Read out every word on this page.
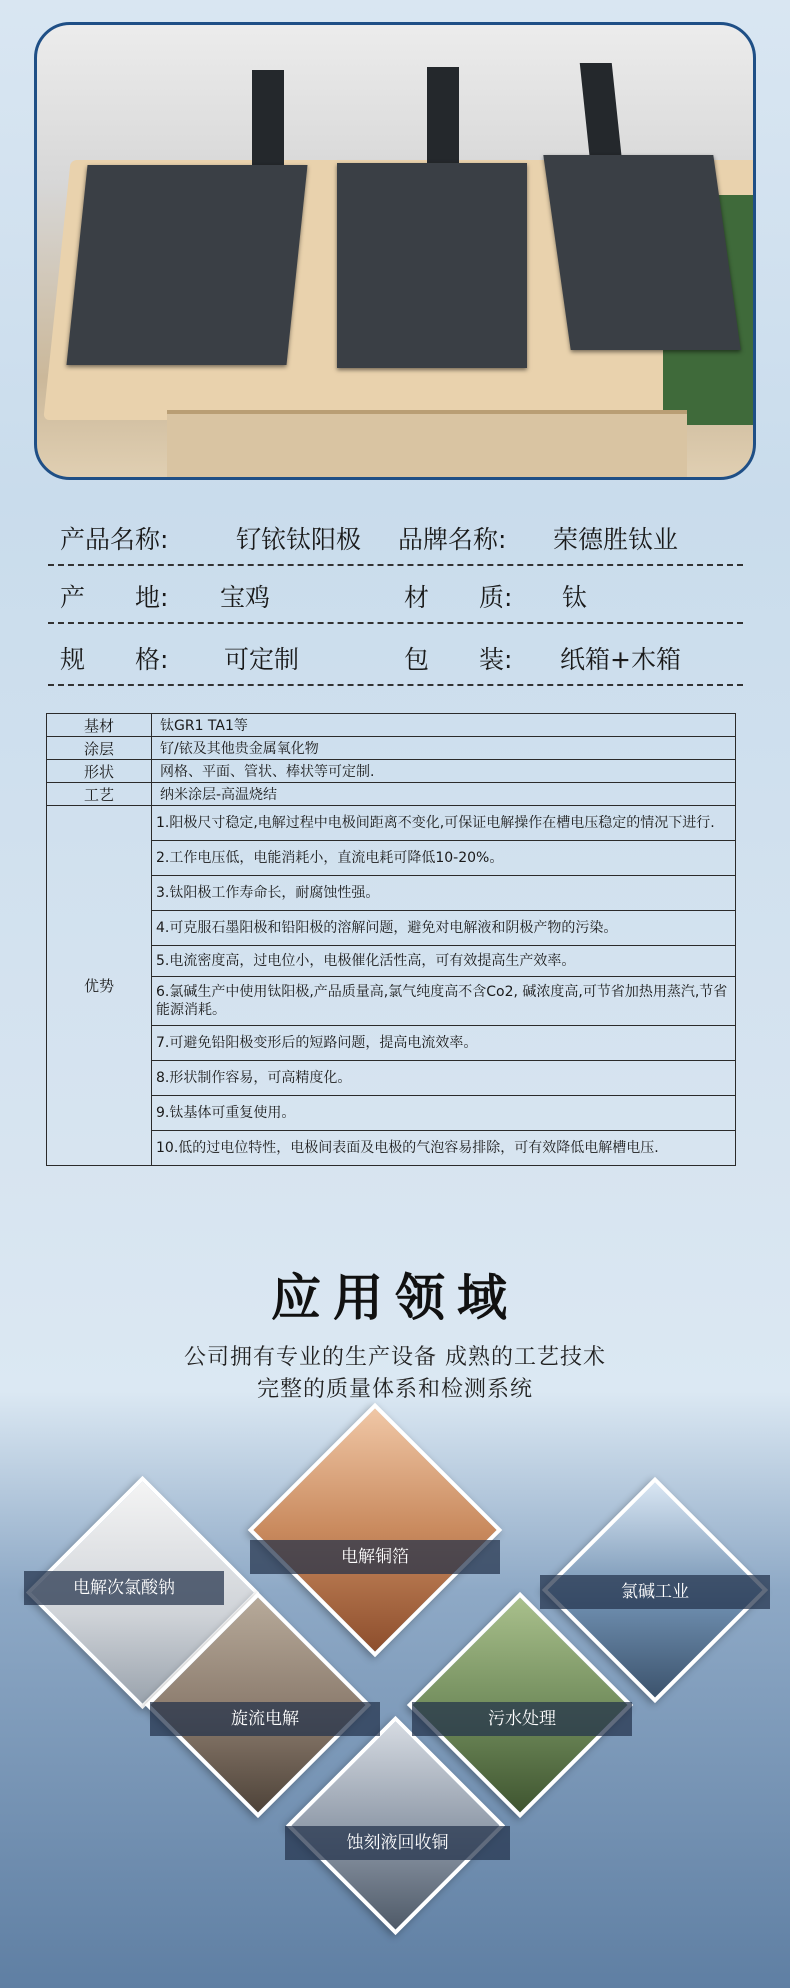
产品名称:	钌铱钛阳极 品牌名称: 荣德胜钛业
产　　地: 宝鸡	材　　质: 钛
规　　格: 可定制	包　　装: 纸箱+木箱
基材	钛GR1 TA1等
涂层	钌/铱及其他贵金属氧化物
形状	网格、平面、管状、棒状等可定制.
工艺	纳米涂层-高温烧结
优势	1.阳极尺寸稳定,电解过程中电极间距离不变化,可保证电解操作在槽电压稳定的情况下进行.
	2.工作电压低，电能消耗小，直流电耗可降低10-20%。
	3.钛阳极工作寿命长，耐腐蚀性强。
	4.可克服石墨阳极和铅阳极的溶解问题，避免对电解液和阴极产物的污染。
	5.电流密度高，过电位小，电极催化活性高，可有效提高生产效率。
	6.氯碱生产中使用钛阳极,产品质量高,氯气纯度高不含Co2, 碱浓度高,可节省加热用蒸汽,节省能源消耗。
	7.可避免铅阳极变形后的短路问题，提高电流效率。
	8.形状制作容易，可高精度化。
	9.钛基体可重复使用。
	10.低的过电位特性，电极间表面及电极的气泡容易排除，可有效降低电解槽电压.
应用领域
公司拥有专业的生产设备 成熟的工艺技术
完整的质量体系和检测系统
电解次氯酸钠
电解铜箔
氯碱工业
旋流电解	污水处理
蚀刻液回收铜
